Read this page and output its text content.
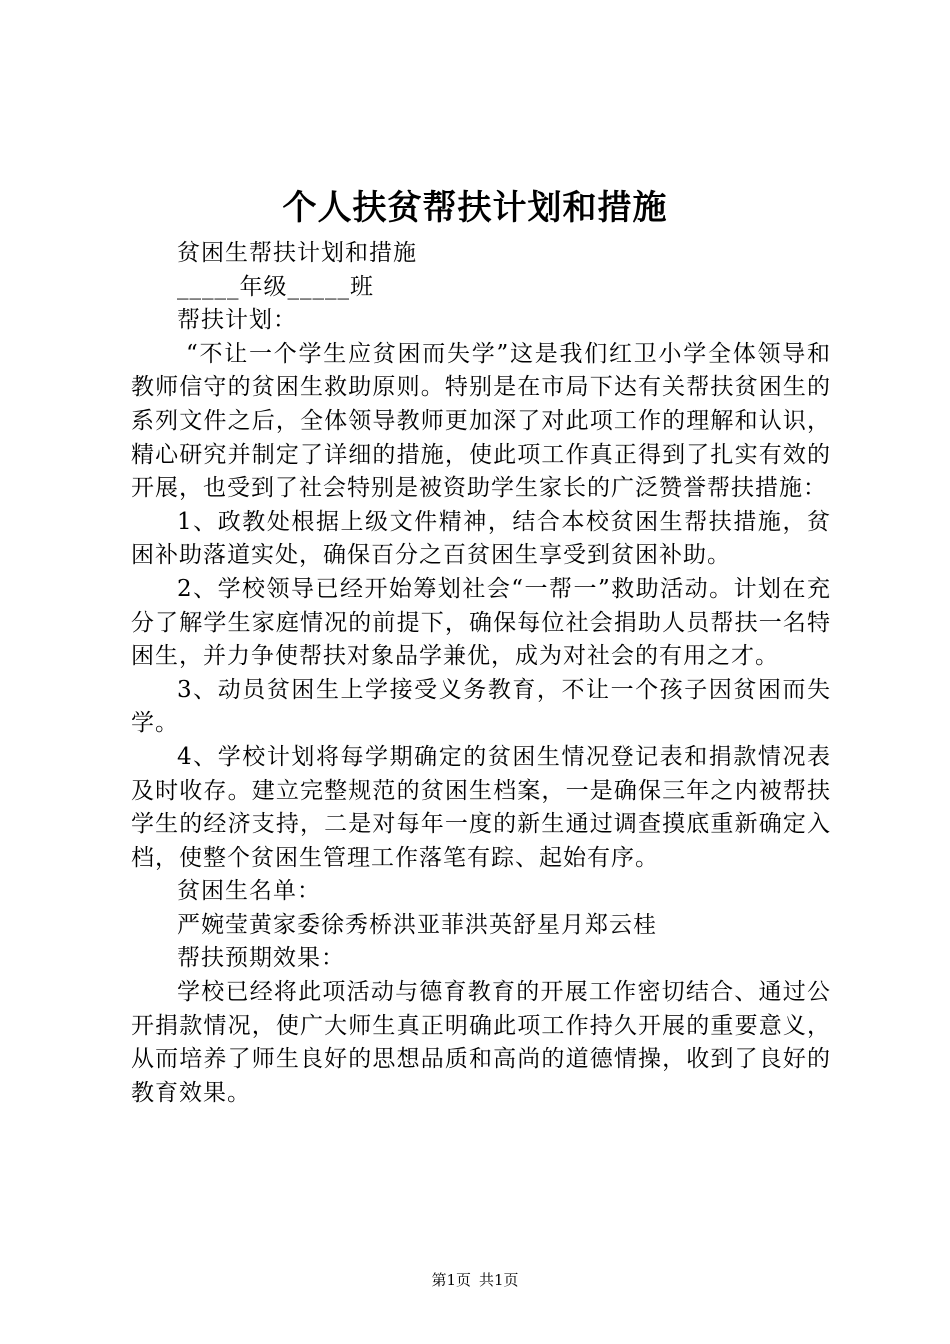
个人扶贫帮扶计划和措施

贫困生帮扶计划和措施

_____年级_____班

帮扶计划：

“不让一个学生应贫困而失学”这是我们红卫小学全体领导和教师信守的贫困生救助原则。特别是在市局下达有关帮扶贫困生的系列文件之后，全体领导教师更加深了对此项工作的理解和认识，精心研究并制定了详细的措施，使此项工作真正得到了扎实有效的开展，也受到了社会特别是被资助学生家长的广泛赞誉帮扶措施：

1、政教处根据上级文件精神，结合本校贫困生帮扶措施，贫困补助落道实处，确保百分之百贫困生享受到贫困补助。

2、学校领导已经开始筹划社会“一帮一”救助活动。计划在充分了解学生家庭情况的前提下，确保每位社会捐助人员帮扶一名特困生，并力争使帮扶对象品学兼优，成为对社会的有用之才。

3、动员贫困生上学接受义务教育，不让一个孩子因贫困而失学。

4、学校计划将每学期确定的贫困生情况登记表和捐款情况表及时收存。建立完整规范的贫困生档案，一是确保三年之内被帮扶学生的经济支持，二是对每年一度的新生通过调查摸底重新确定入档，使整个贫困生管理工作落笔有踪、起始有序。

贫困生名单：

严婉莹黄家委徐秀桥洪亚菲洪英舒星月郑云桂

帮扶预期效果：

学校已经将此项活动与德育教育的开展工作密切结合、通过公开捐款情况，使广大师生真正明确此项工作持久开展的重要意义，从而培养了师生良好的思想品质和高尚的道德情操，收到了良好的教育效果。

第1页 共1页
